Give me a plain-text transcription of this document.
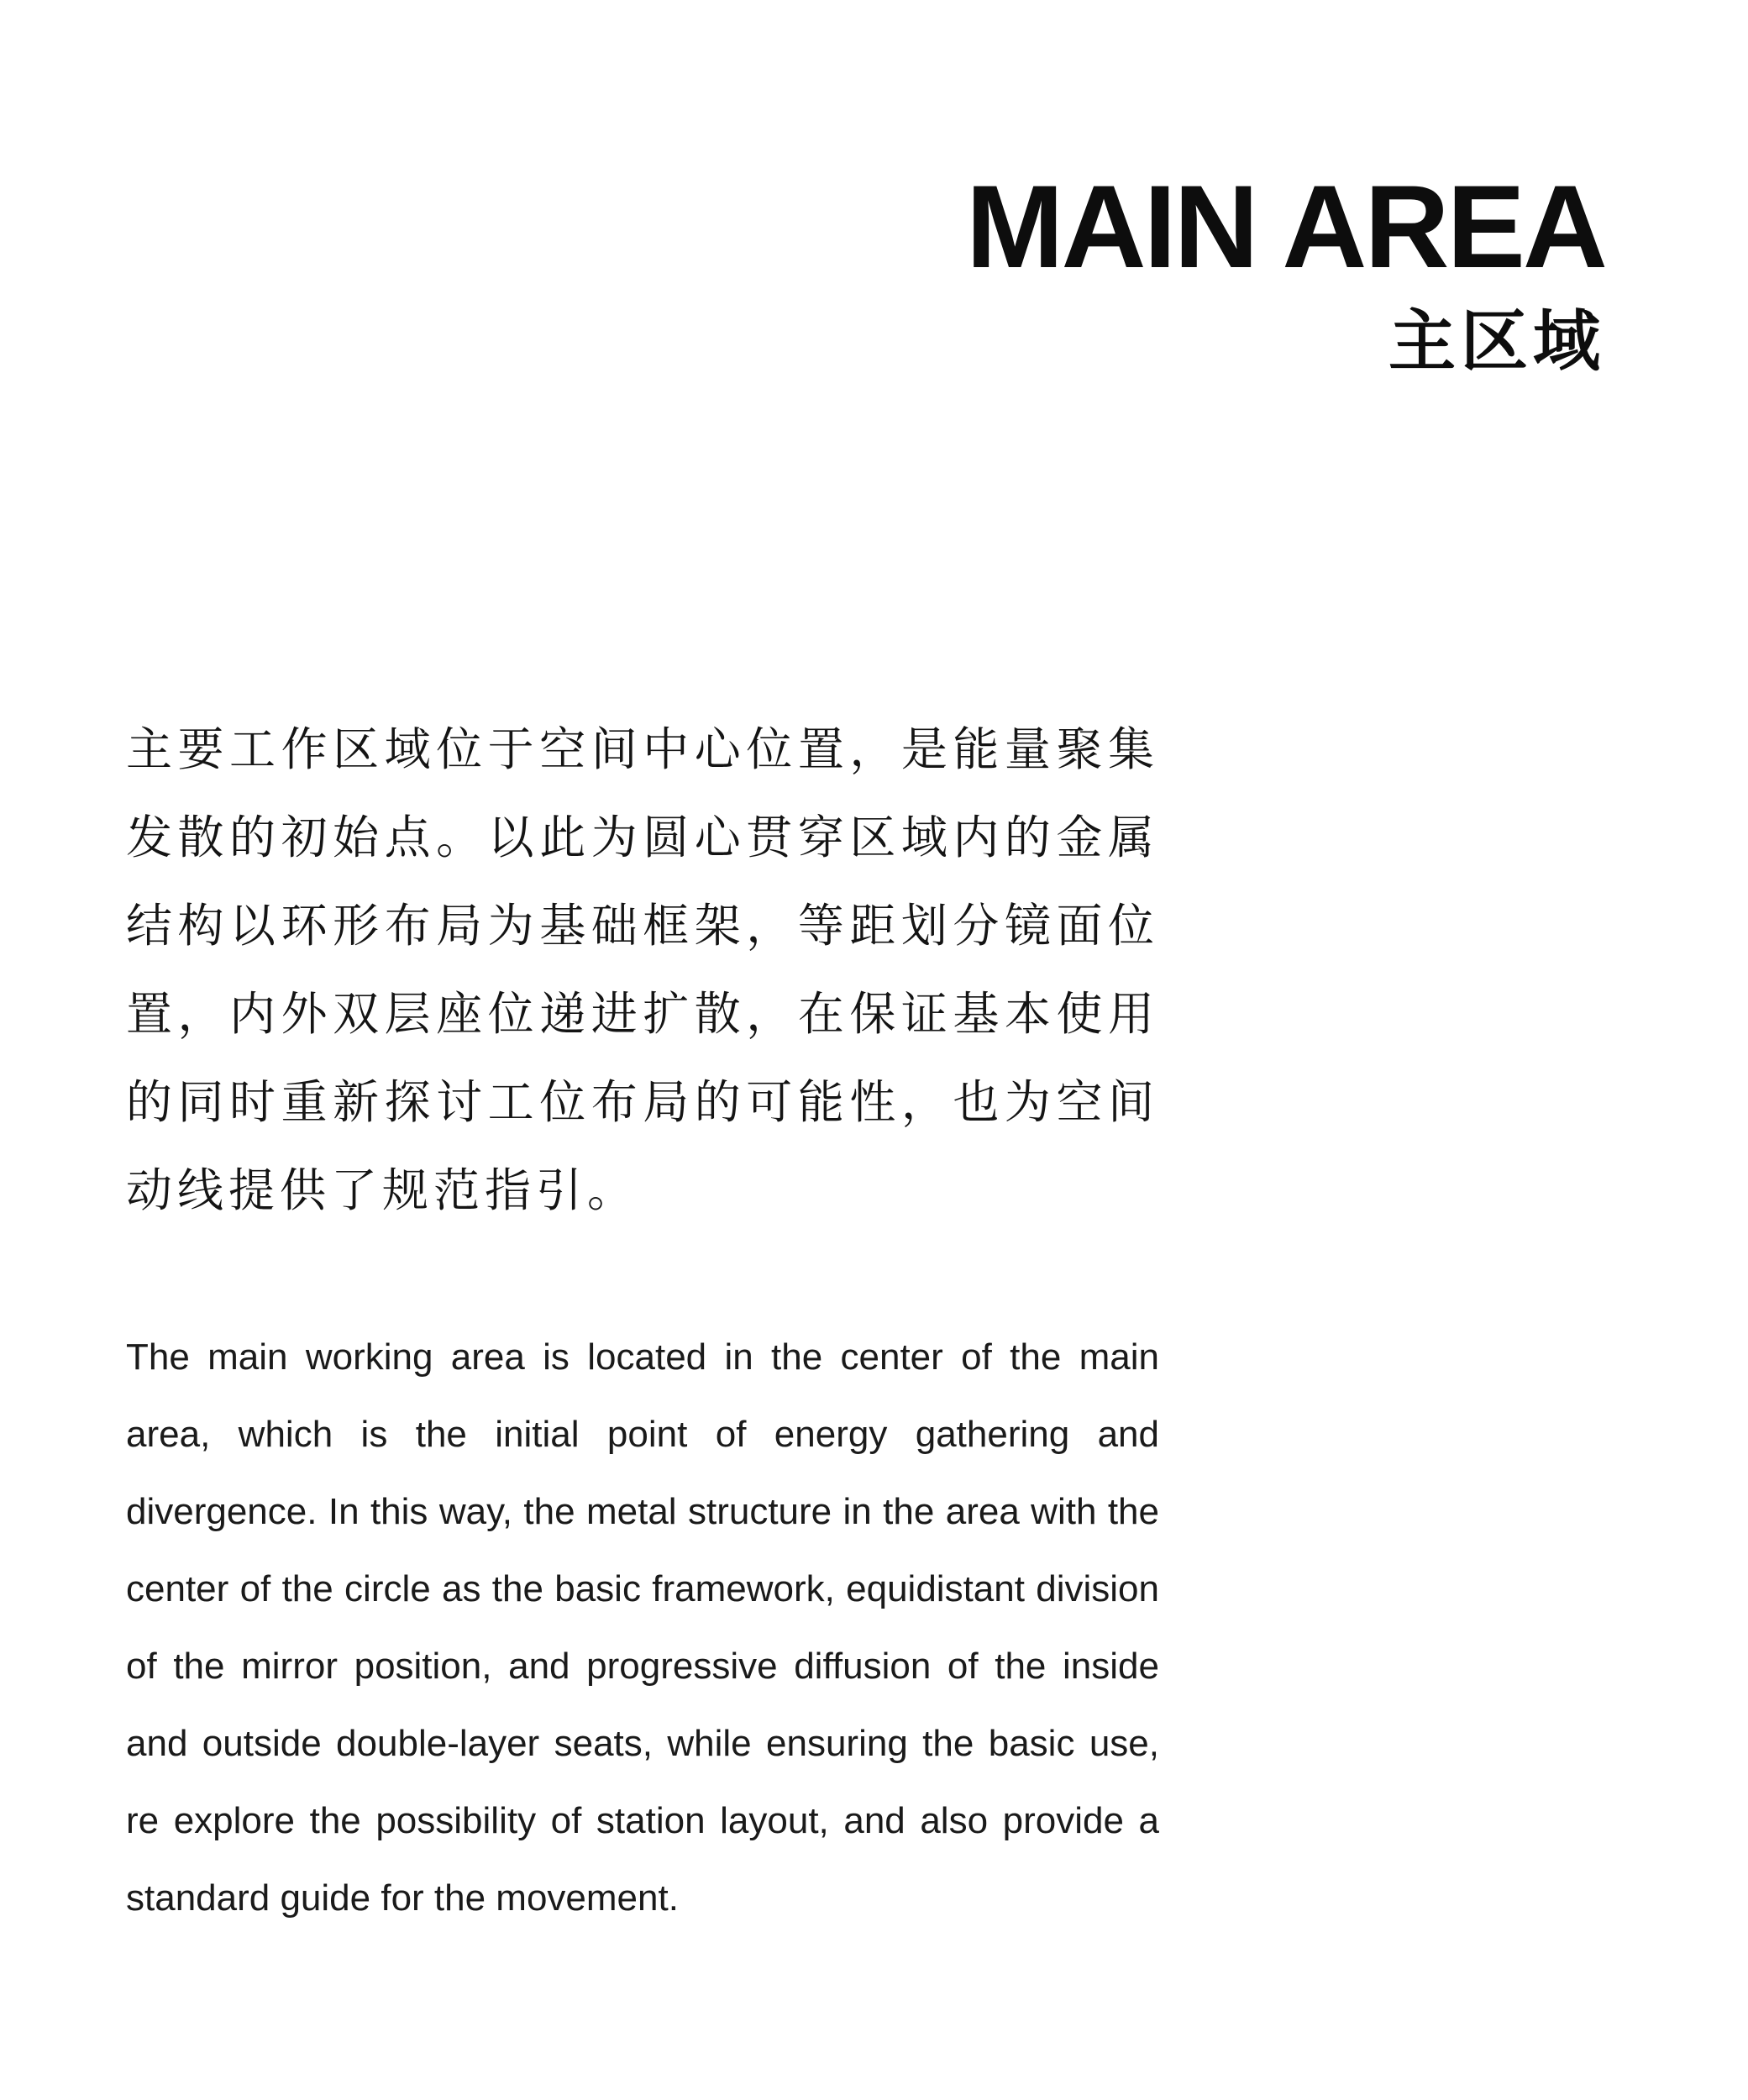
MAIN AREA
主区域

主要工作区域位于空间中心位置，是能量聚集发散的初始点。以此为圆心贯穿区域内的金属结构以环形布局为基础框架，等距划分镜面位置，内外双层座位递进扩散，在保证基本使用的同时重新探讨工位布局的可能性，也为空间动线提供了规范指引。

The main working area is located in the center of the main area, which is the initial point of energy gathering and divergence. In this way, the metal structure in the area with the center of the circle as the basic framework, equidistant division of the mirror position, and progressive diffusion of the inside and outside double-layer seats, while ensuring the basic use, re explore the possibility of station layout, and also provide a standard guide for the movement.
